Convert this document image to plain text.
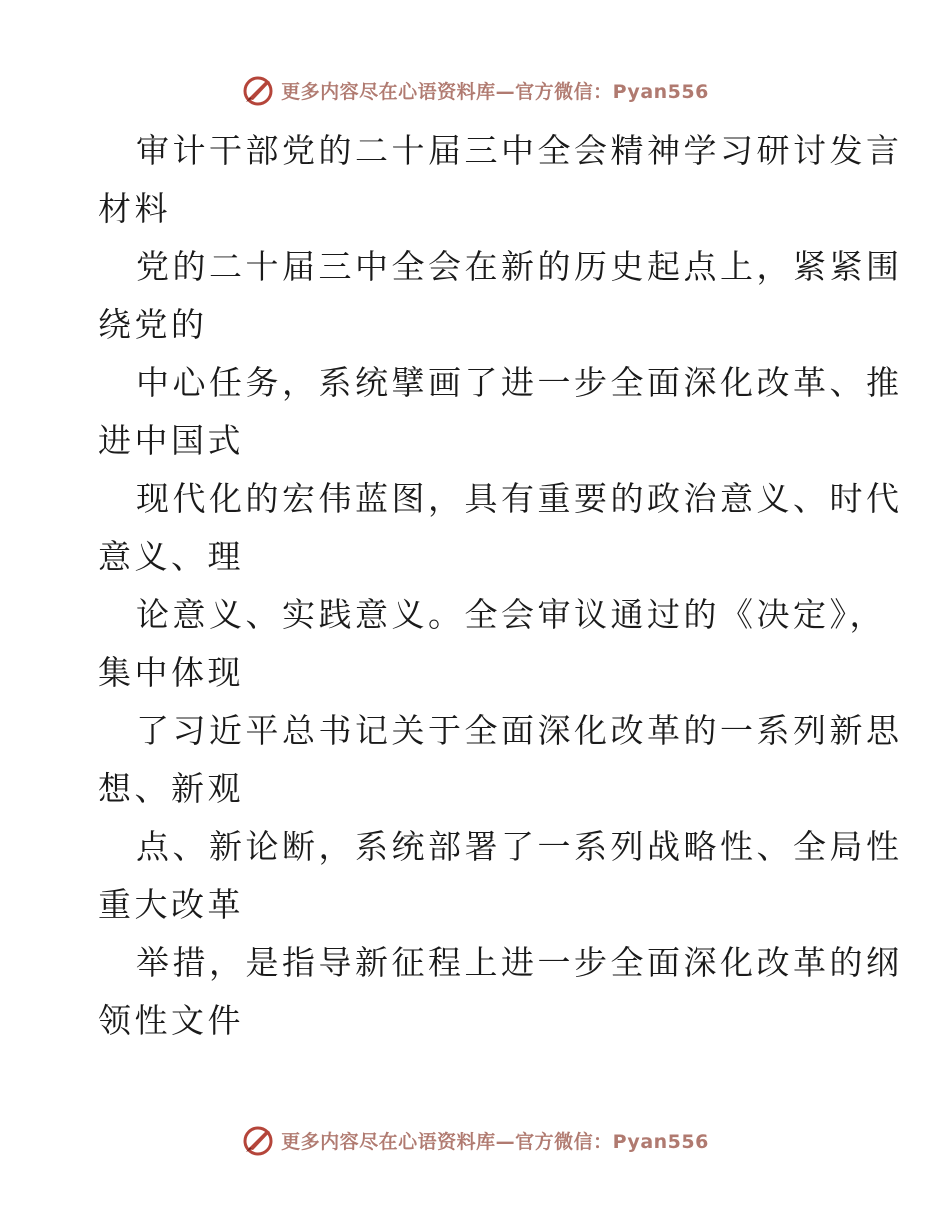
更多内容尽在心语资料库—官方微信：Pyan556
审计干部党的二十届三中全会精神学习研讨发言
材料
党的二十届三中全会在新的历史起点上，紧紧围
绕党的
中心任务，系统擘画了进一步全面深化改革、推
进中国式
现代化的宏伟蓝图，具有重要的政治意义、时代
意义、理
论意义、实践意义。全会审议通过的《决定》，
集中体现
了习近平总书记关于全面深化改革的一系列新思
想、新观
点、新论断，系统部署了一系列战略性、全局性
重大改革
举措，是指导新征程上进一步全面深化改革的纲
领性文件
更多内容尽在心语资料库—官方微信：Pyan556
